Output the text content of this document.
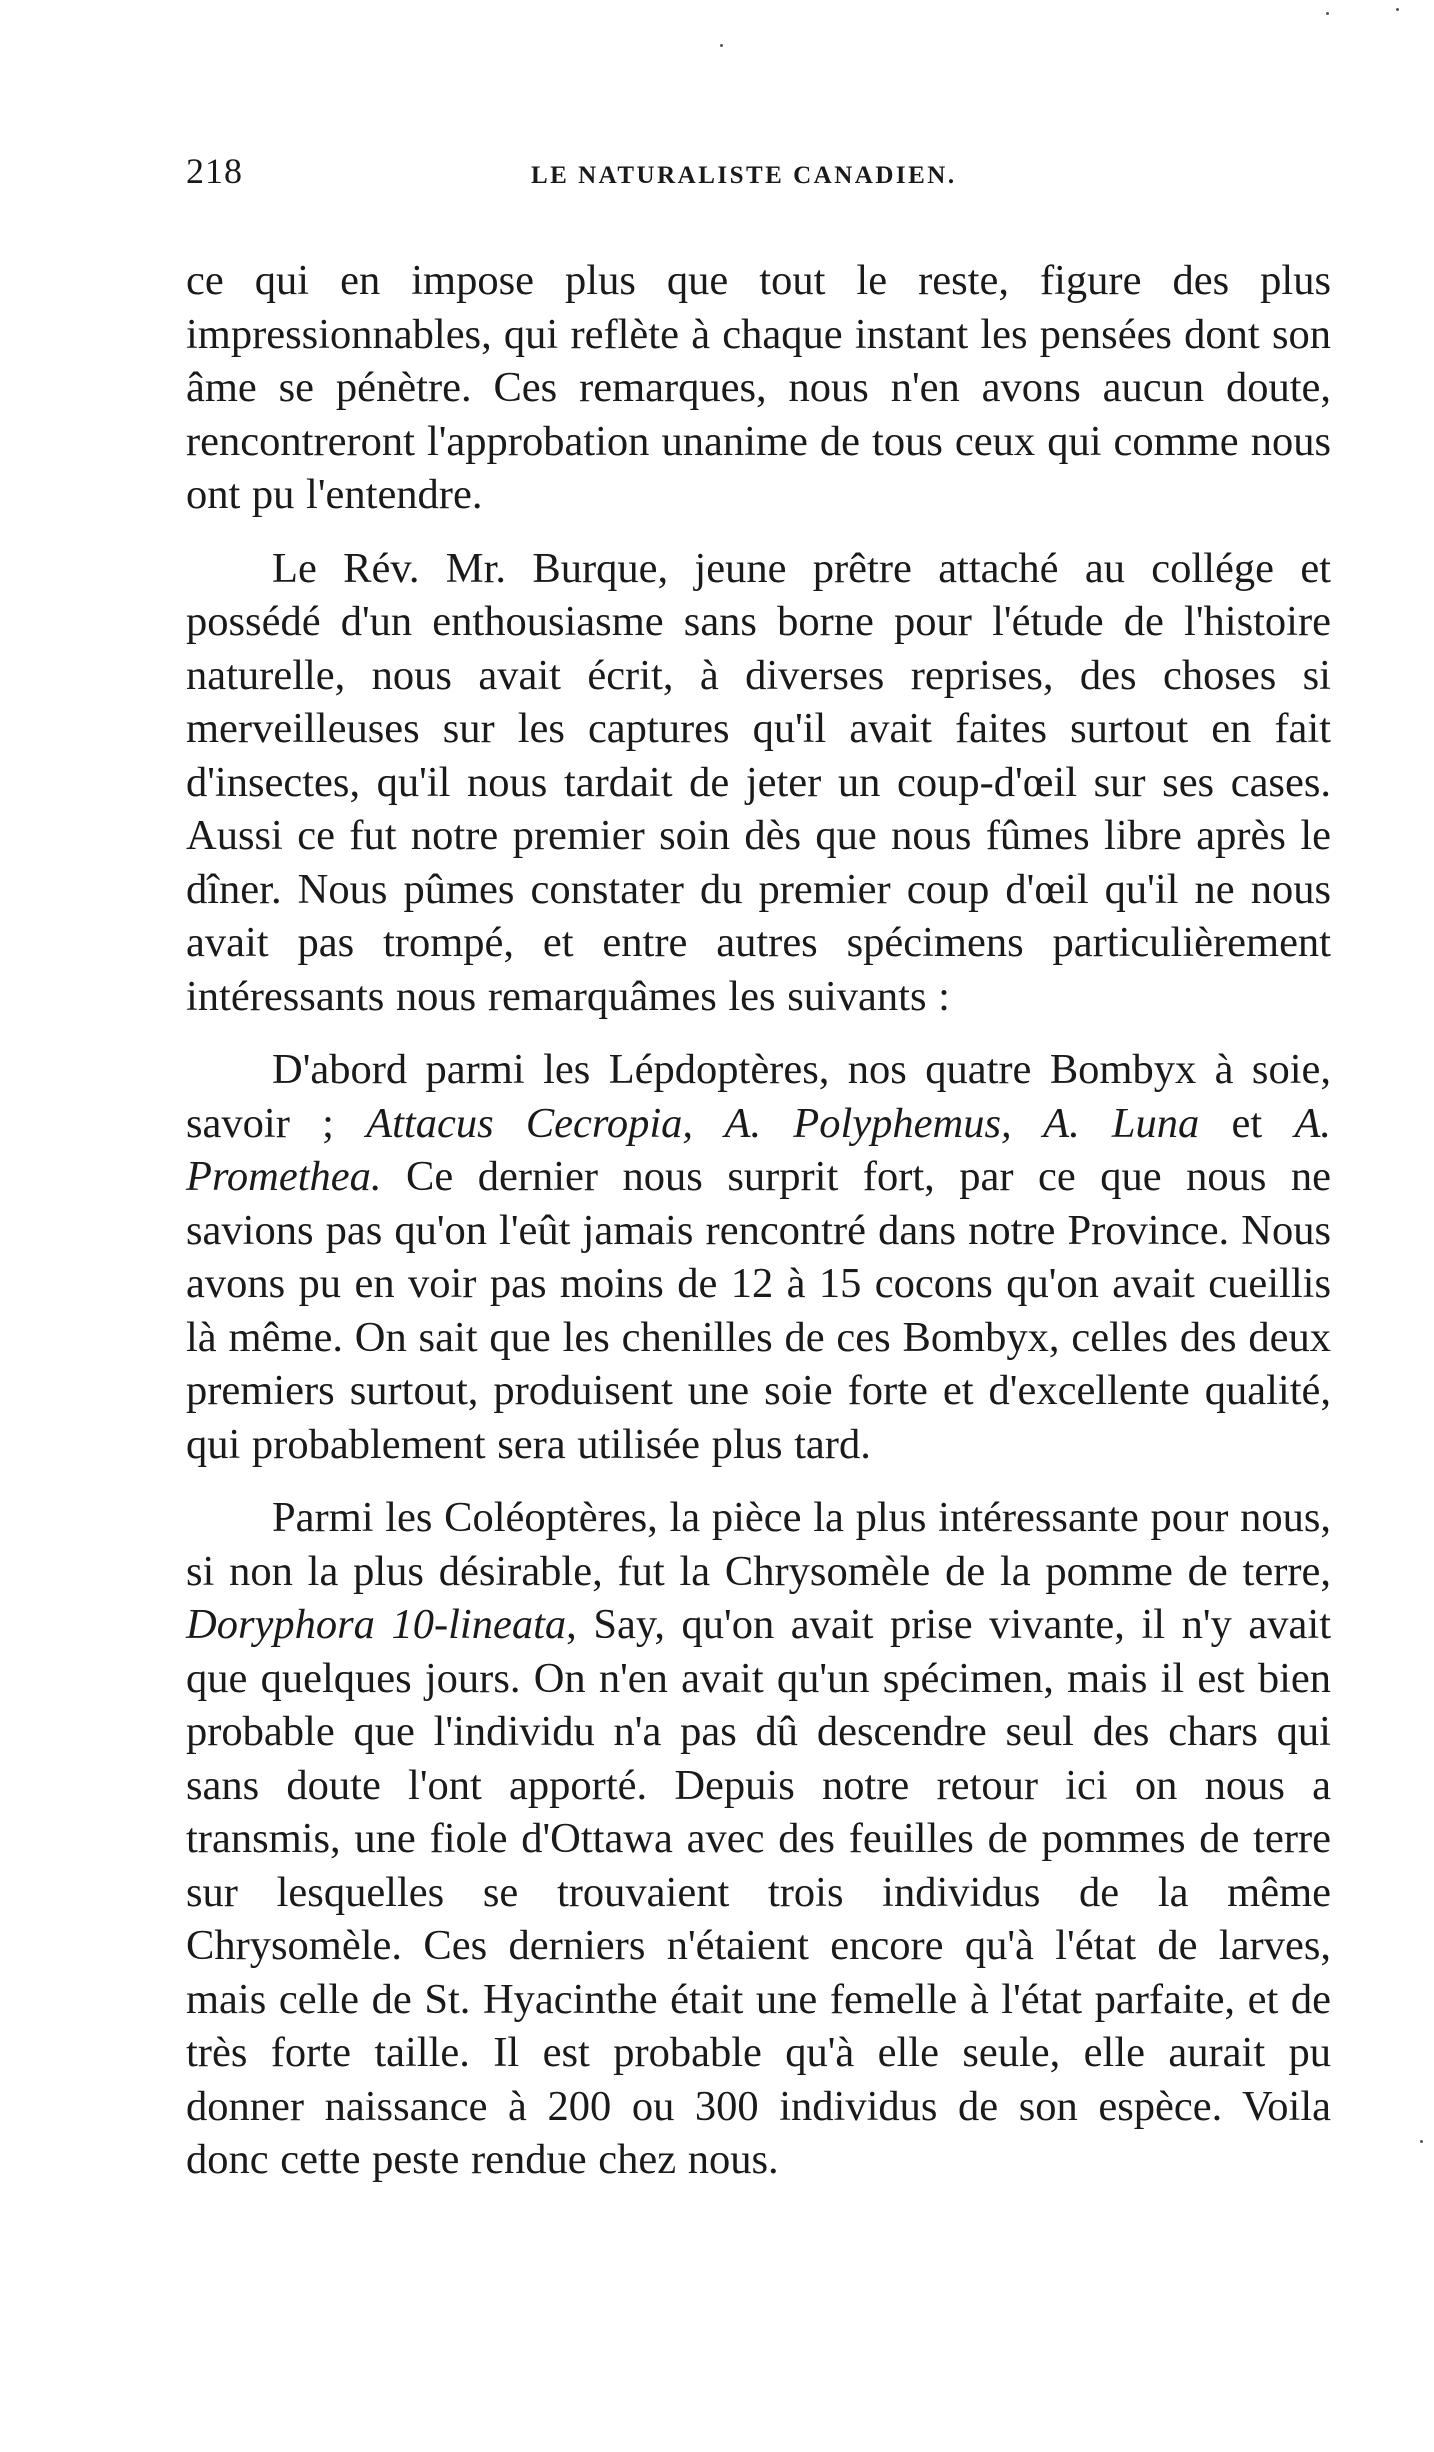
218	LE NATURALISTE CANADIEN.

ce qui en impose plus que tout le reste, figure des plus impressionnables, qui reflète à chaque instant les pensées dont son âme se pénètre. Ces remarques, nous n'en avons aucun doute, rencontreront l'approbation unanime de tous ceux qui comme nous ont pu l'entendre.

Le Rév. Mr. Burque, jeune prêtre attaché au collége et possédé d'un enthousiasme sans borne pour l'étude de l'histoire naturelle, nous avait écrit, à diverses reprises, des choses si merveilleuses sur les captures qu'il avait faites surtout en fait d'insectes, qu'il nous tardait de jeter un coup-d'œil sur ses cases. Aussi ce fut notre premier soin dès que nous fûmes libre après le dîner. Nous pûmes constater du premier coup d'œil qu'il ne nous avait pas trompé, et entre autres spécimens particulièrement intéressants nous remarquâmes les suivants :

D'abord parmi les Lépdoptères, nos quatre Bombyx à soie, savoir ; Attacus Cecropia, A. Polyphemus, A. Luna et A. Promethea. Ce dernier nous surprit fort, par ce que nous ne savions pas qu'on l'eût jamais rencontré dans notre Province. Nous avons pu en voir pas moins de 12 à 15 cocons qu'on avait cueillis là même. On sait que les chenilles de ces Bombyx, celles des deux premiers surtout, produisent une soie forte et d'excellente qualité, qui probablement sera utilisée plus tard.

Parmi les Coléoptères, la pièce la plus intéressante pour nous, si non la plus désirable, fut la Chrysomèle de la pomme de terre, Doryphora 10-lineata, Say, qu'on avait prise vivante, il n'y avait que quelques jours. On n'en avait qu'un spécimen, mais il est bien probable que l'individu n'a pas dû descendre seul des chars qui sans doute l'ont apporté. Depuis notre retour ici on nous a transmis, une fiole d'Ottawa avec des feuilles de pommes de terre sur lesquelles se trouvaient trois individus de la même Chrysomèle. Ces derniers n'étaient encore qu'à l'état de larves, mais celle de St. Hyacinthe était une femelle à l'état parfaite, et de très forte taille. Il est probable qu'à elle seule, elle aurait pu donner naissance à 200 ou 300 individus de son espèce. Voila donc cette peste rendue chez nous.
